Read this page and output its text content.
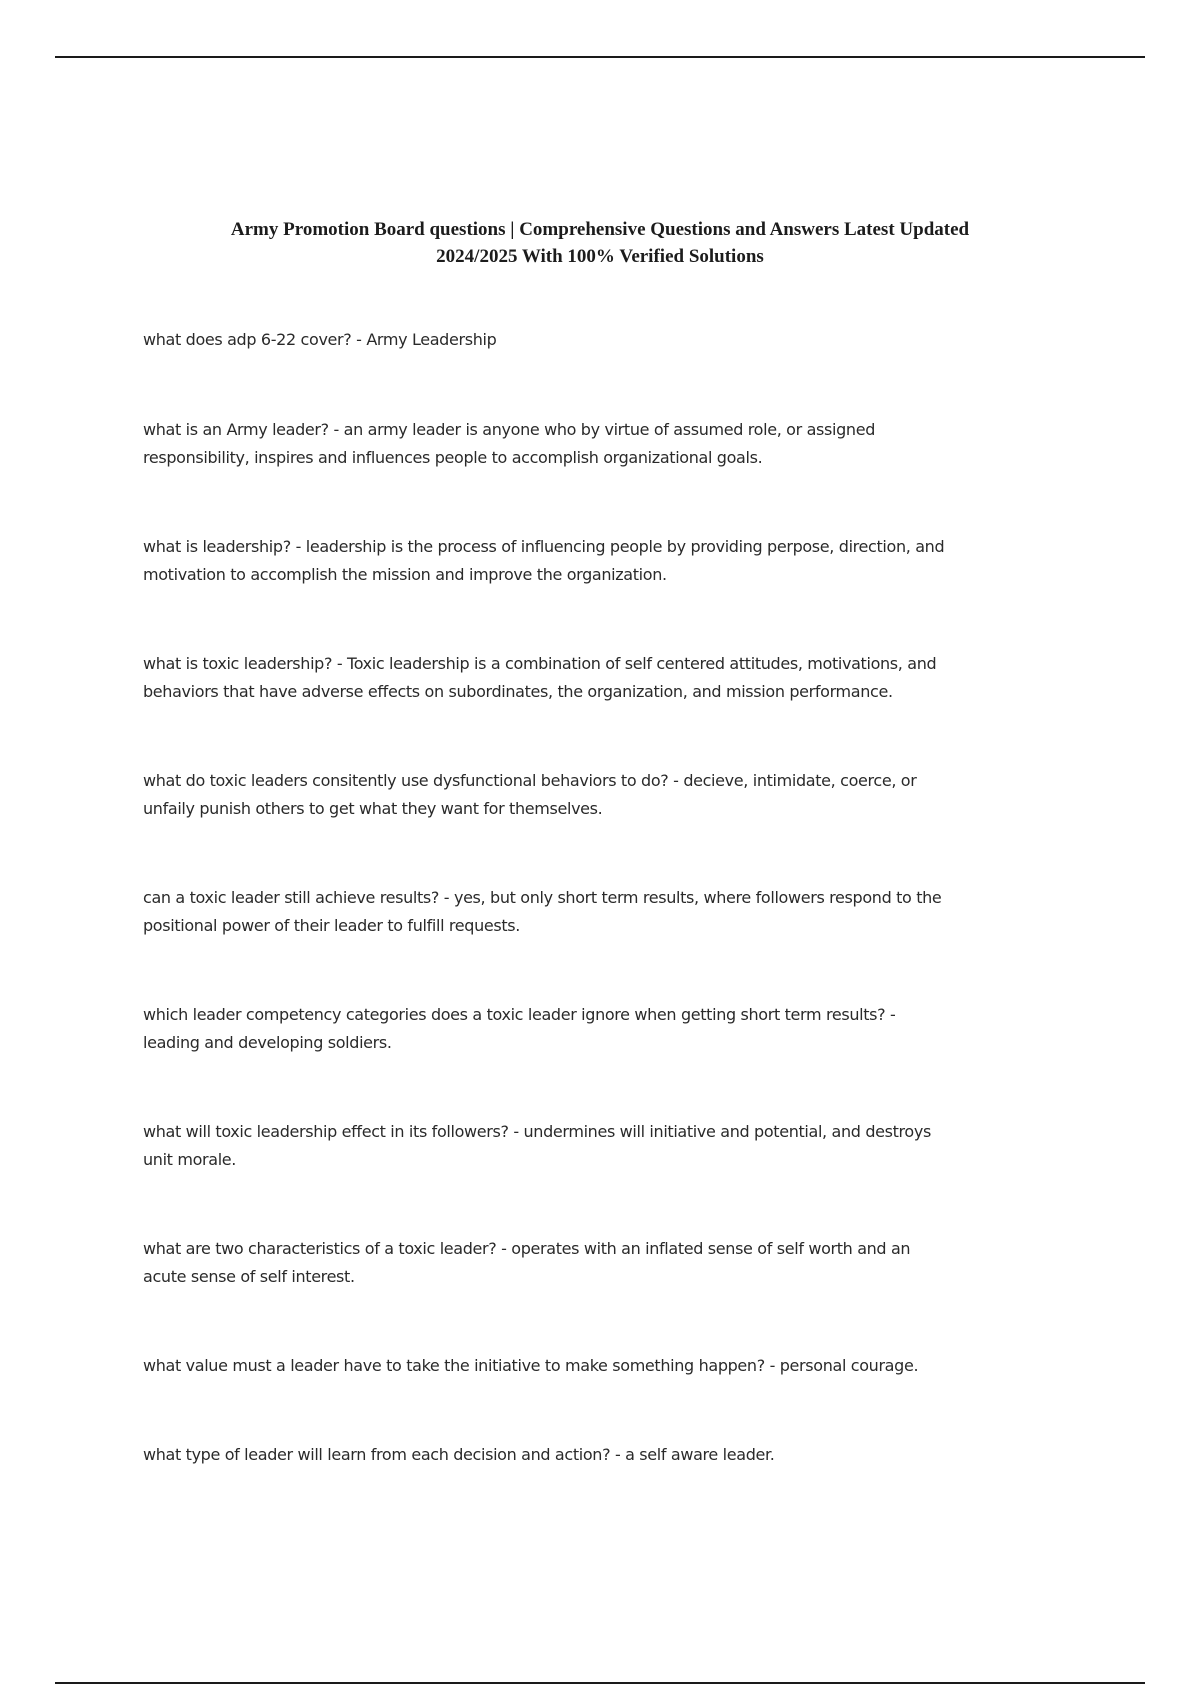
Army Promotion Board questions | Comprehensive Questions and Answers Latest Updated
2024/2025 With 100% Verified Solutions

what does adp 6-22 cover? - Army Leadership

what is an Army leader? - an army leader is anyone who by virtue of assumed role, or assigned
responsibility, inspires and influences people to accomplish organizational goals.

what is leadership? - leadership is the process of influencing people by providing perpose, direction, and
motivation to accomplish the mission and improve the organization.

what is toxic leadership? - Toxic leadership is a combination of self centered attitudes, motivations, and
behaviors that have adverse effects on subordinates, the organization, and mission performance.

what do toxic leaders consitently use dysfunctional behaviors to do? - decieve, intimidate, coerce, or
unfaily punish others to get what they want for themselves.

can a toxic leader still achieve results? - yes, but only short term results, where followers respond to the
positional power of their leader to fulfill requests.

which leader competency categories does a toxic leader ignore when getting short term results? -
leading and developing soldiers.

what will toxic leadership effect in its followers? - undermines will initiative and potential, and destroys
unit morale.

what are two characteristics of a toxic leader? - operates with an inflated sense of self worth and an
acute sense of self interest.

what value must a leader have to take the initiative to make something happen? - personal courage.

what type of leader will learn from each decision and action? - a self aware leader.
